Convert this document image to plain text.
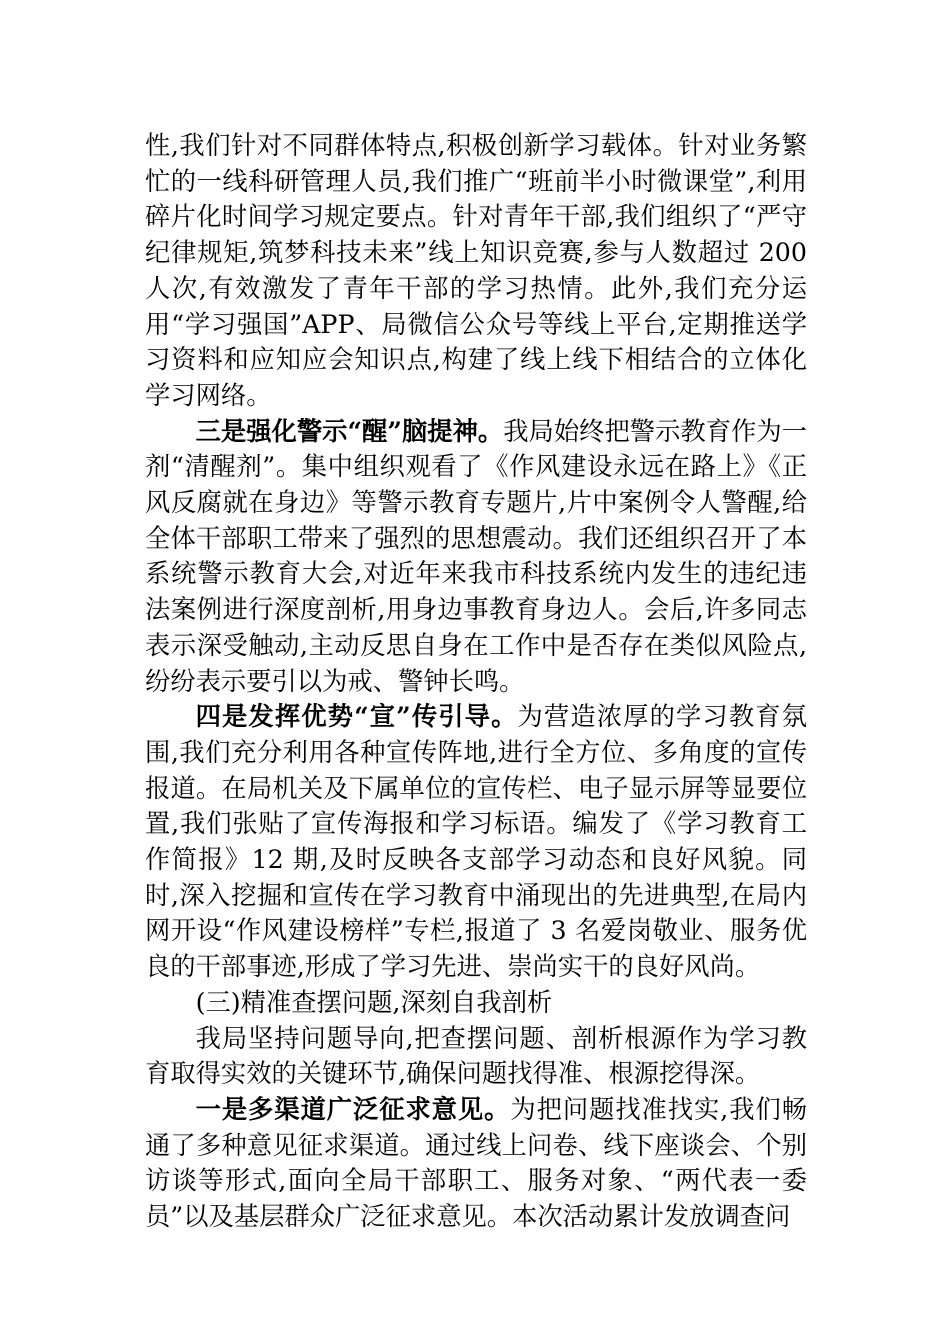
性,我们针对不同群体特点,积极创新学习载体。针对业务繁忙的一线科研管理人员,我们推广“班前半小时微课堂”,利用碎片化时间学习规定要点。针对青年干部,我们组织了“严守纪律规矩,筑梦科技未来”线上知识竞赛,参与人数超过 200 人次,有效激发了青年干部的学习热情。此外,我们充分运用“学习强国”APP、局微信公众号等线上平台,定期推送学习资料和应知应会知识点,构建了线上线下相结合的立体化学习网络。

三是强化警示“醒”脑提神。我局始终把警示教育作为一剂“清醒剂”。集中组织观看了《作风建设永远在路上》《正风反腐就在身边》等警示教育专题片,片中案例令人警醒,给全体干部职工带来了强烈的思想震动。我们还组织召开了本系统警示教育大会,对近年来我市科技系统内发生的违纪违法案例进行深度剖析,用身边事教育身边人。会后,许多同志表示深受触动,主动反思自身在工作中是否存在类似风险点,纷纷表示要引以为戒、警钟长鸣。

四是发挥优势“宣”传引导。为营造浓厚的学习教育氛围,我们充分利用各种宣传阵地,进行全方位、多角度的宣传报道。在局机关及下属单位的宣传栏、电子显示屏等显要位置,我们张贴了宣传海报和学习标语。编发了《学习教育工作简报》12 期,及时反映各支部学习动态和良好风貌。同时,深入挖掘和宣传在学习教育中涌现出的先进典型,在局内网开设“作风建设榜样”专栏,报道了 3 名爱岗敬业、服务优良的干部事迹,形成了学习先进、崇尚实干的良好风尚。

(三)精准查摆问题,深刻自我剖析

我局坚持问题导向,把查摆问题、剖析根源作为学习教育取得实效的关键环节,确保问题找得准、根源挖得深。

一是多渠道广泛征求意见。为把问题找准找实,我们畅通了多种意见征求渠道。通过线上问卷、线下座谈会、个别访谈等形式,面向全局干部职工、服务对象、“两代表一委员”以及基层群众广泛征求意见。本次活动累计发放调查问
